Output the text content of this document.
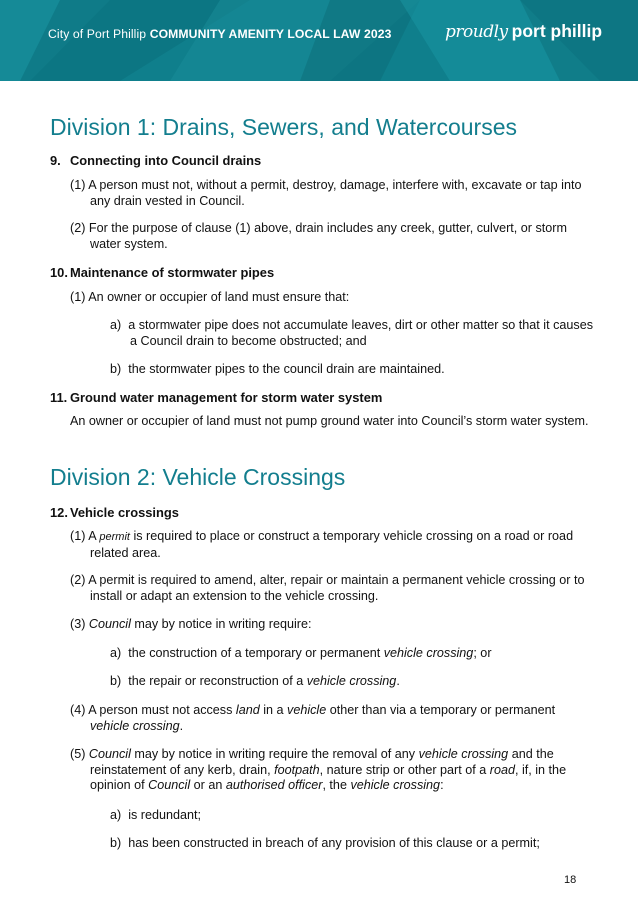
City of Port Phillip COMMUNITY AMENITY LOCAL LAW 2023	proudly port phillip
Division 1: Drains, Sewers, and Watercourses
9. Connecting into Council drains

(1) A person must not, without a permit, destroy, damage, interfere with, excavate or tap into any drain vested in Council.

(2) For the purpose of clause (1) above, drain includes any creek, gutter, culvert, or storm water system.

10. Maintenance of stormwater pipes

(1) An owner or occupier of land must ensure that:

a)  a stormwater pipe does not accumulate leaves, dirt or other matter so that it causes a Council drain to become obstructed; and

b)  the stormwater pipes to the council drain are maintained.

11. Ground water management for storm water system

An owner or occupier of land must not pump ground water into Council’s storm water system.

Division 2: Vehicle Crossings
12. Vehicle crossings

(1) A permit is required to place or construct a temporary vehicle crossing on a road or road related area.

(2) A permit is required to amend, alter, repair or maintain a permanent vehicle crossing or to install or adapt an extension to the vehicle crossing.

(3) Council may by notice in writing require:

a)  the construction of a temporary or permanent vehicle crossing; or

b)  the repair or reconstruction of a vehicle crossing.

(4) A person must not access land in a vehicle other than via a temporary or permanent vehicle crossing.

(5) Council may by notice in writing require the removal of any vehicle crossing and the reinstatement of any kerb, drain, footpath, nature strip or other part of a road, if, in the opinion of Council or an authorised officer, the vehicle crossing:

a)  is redundant;

b)  has been constructed in breach of any provision of this clause or a permit;

18
